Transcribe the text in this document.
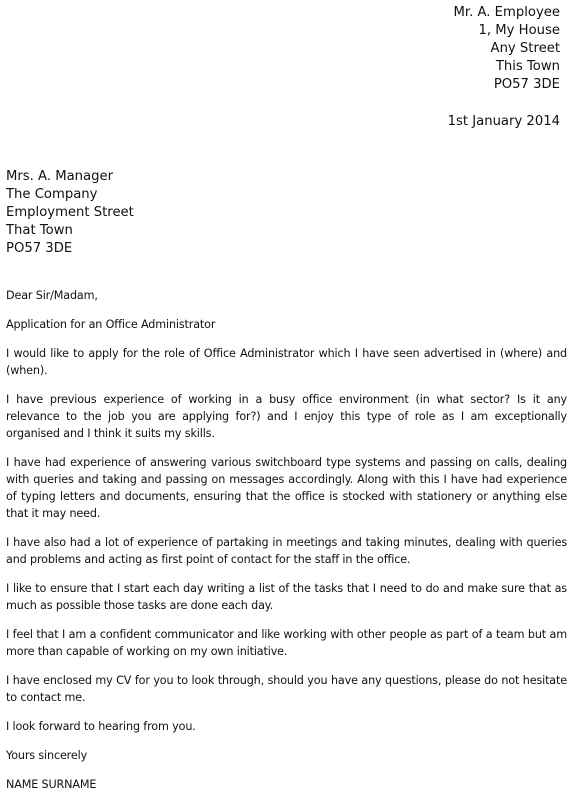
Mr. A. Employee
1, My House
Any Street
This Town
PO57 3DE
1st January 2014
Mrs. A. Manager
The Company
Employment Street
That Town
PO57 3DE

Dear Sir/Madam,

Application for an Office Administrator

I would like to apply for the role of Office Administrator which I have seen advertised in (where) and (when).

I have previous experience of working in a busy office environment (in what sector? Is it any relevance to the job you are applying for?) and I enjoy this type of role as I am exceptionally organised and I think it suits my skills.

I have had experience of answering various switchboard type systems and passing on calls, dealing with queries and taking and passing on messages accordingly. Along with this I have had experience of typing letters and documents, ensuring that the office is stocked with stationery or anything else that it may need.

I have also had a lot of experience of partaking in meetings and taking minutes, dealing with queries and problems and acting as first point of contact for the staff in the office.

I like to ensure that I start each day writing a list of the tasks that I need to do and make sure that as much as possible those tasks are done each day.

I feel that I am a confident communicator and like working with other people as part of a team but am more than capable of working on my own initiative.

I have enclosed my CV for you to look through, should you have any questions, please do not hesitate to contact me.

I look forward to hearing from you.

Yours sincerely

NAME SURNAME
